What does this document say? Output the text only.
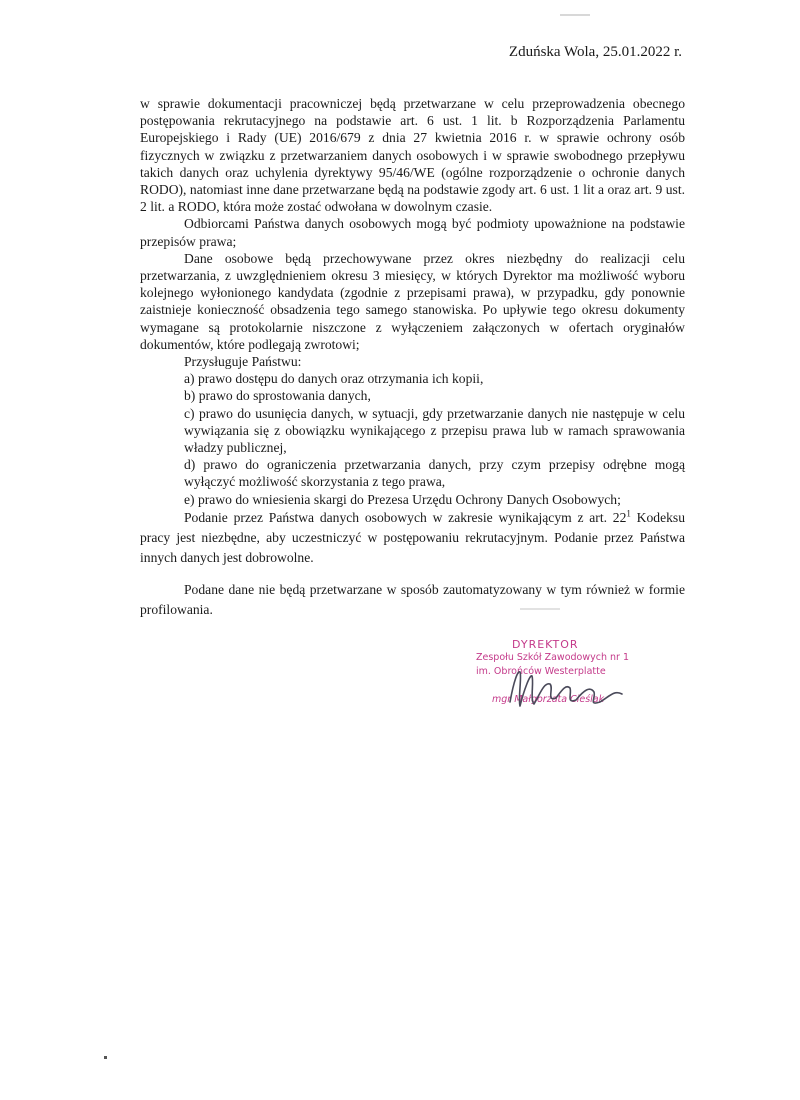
Zduńska Wola, 25.01.2022 r.

w sprawie dokumentacji pracowniczej będą przetwarzane w celu przeprowadzenia obecnego postępowania rekrutacyjnego na podstawie art. 6 ust. 1 lit. b Rozporządzenia Parlamentu Europejskiego i Rady (UE) 2016/679 z dnia 27 kwietnia 2016 r. w sprawie ochrony osób fizycznych w związku z przetwarzaniem danych osobowych i w sprawie swobodnego przepływu takich danych oraz uchylenia dyrektywy 95/46/WE (ogólne rozporządzenie o ochronie danych RODO), natomiast inne dane przetwarzane będą na podstawie zgody art. 6 ust. 1 lit a oraz art. 9 ust. 2 lit. a RODO, która może zostać odwołana w dowolnym czasie.

Odbiorcami Państwa danych osobowych mogą być podmioty upoważnione na podstawie przepisów prawa;

Dane osobowe będą przechowywane przez okres niezbędny do realizacji celu przetwarzania, z uwzględnieniem okresu 3 miesięcy, w których Dyrektor ma możliwość wyboru kolejnego wyłonionego kandydata (zgodnie z przepisami prawa), w przypadku, gdy ponownie zaistnieje konieczność obsadzenia tego samego stanowiska. Po upływie tego okresu dokumenty wymagane są protokolarnie niszczone z wyłączeniem załączonych w ofertach oryginałów dokumentów, które podlegają zwrotowi;

Przysługuje Państwu:

a) prawo dostępu do danych oraz otrzymania ich kopii,

b) prawo do sprostowania danych,

c) prawo do usunięcia danych, w sytuacji, gdy przetwarzanie danych nie następuje w celu wywiązania się z obowiązku wynikającego z przepisu prawa lub w ramach sprawowania władzy publicznej,

d) prawo do ograniczenia przetwarzania danych, przy czym przepisy odrębne mogą wyłączyć możliwość skorzystania z tego prawa,

e) prawo do wniesienia skargi do Prezesa Urzędu Ochrony Danych Osobowych;

Podanie przez Państwa danych osobowych w zakresie wynikającym z art. $22^1$ Kodeksu pracy jest niezbędne, aby uczestniczyć w postępowaniu rekrutacyjnym. Podanie przez Państwa innych danych jest dobrowolne.

Podane dane nie będą przetwarzane w sposób zautomatyzowany w tym również w formie profilowania.

DYREKTOR
Zespołu Szkół Zawodowych nr 1
im. Obrońców Westerplatte
mgr Małgorzata Cieślak
